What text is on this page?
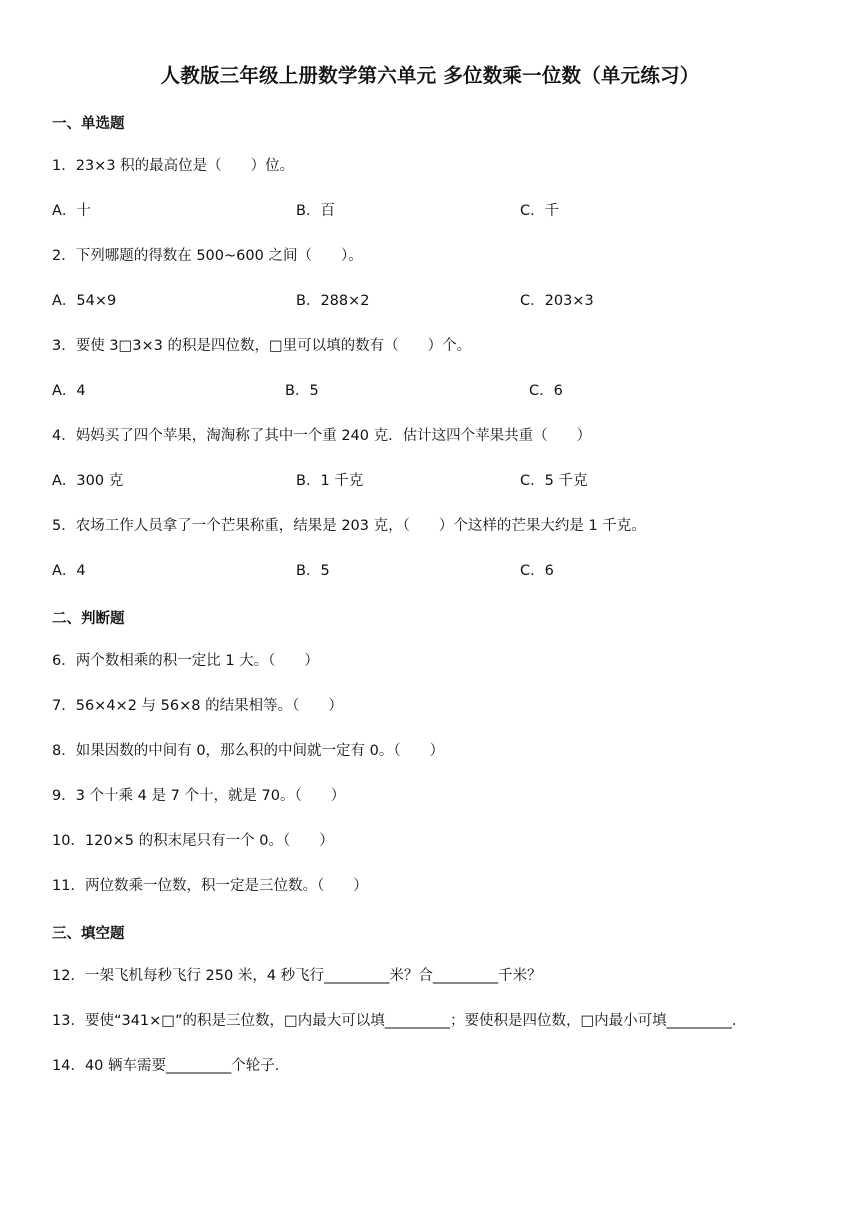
人教版三年级上册数学第六单元 多位数乘一位数（单元练习）
一、单选题
1．23×3 积的最高位是（　　）位。
A．十	B．百	C．千
2．下列哪题的得数在 500~600 之间（　　）。
A．54×9	B．288×2	C．203×3
3．要使 3□3×3 的积是四位数，□里可以填的数有（　　）个。
A．4	B．5	C．6
4．妈妈买了四个苹果，淘淘称了其中一个重 240 克．估计这四个苹果共重（　　）
A．300 克	B．1 千克	C．5 千克
5．农场工作人员拿了一个芒果称重，结果是 203 克，（　　）个这样的芒果大约是 1 千克。
A．4	B．5	C．6
二、判断题
6．两个数相乘的积一定比 1 大。（　　）
7．56×4×2 与 56×8 的结果相等。（　　）
8．如果因数的中间有 0，那么积的中间就一定有 0。（　　）
9．3 个十乘 4 是 7 个十，就是 70。（　　）
10．120×5 的积末尾只有一个 0。（　　）
11．两位数乘一位数，积一定是三位数。（　　）
三、填空题
12．一架飞机每秒飞行 250 米，4 秒飞行_________米？合_________千米？
13．要使“341×□”的积是三位数，□内最大可以填_________；要使积是四位数，□内最小可填_________．
14．40 辆车需要_________个轮子．
